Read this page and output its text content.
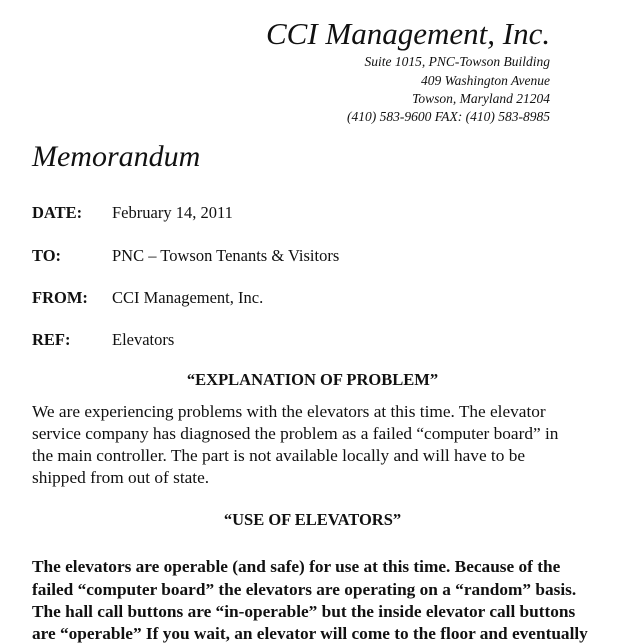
CCI Management, Inc.
Suite 1015, PNC-Towson Building
409 Washington Avenue
Towson, Maryland 21204
(410) 583-9600 FAX: (410) 583-8985
Memorandum
DATE: February 14, 2011
TO:	PNC – Towson Tenants & Visitors
FROM: CCI Management, Inc.
REF:	Elevators
“EXPLANATION OF PROBLEM”
We are experiencing problems with the elevators at this time. The elevator
service company has diagnosed the problem as a failed “computer board” in
the main controller. The part is not available locally and will have to be
shipped from out of state.
“USE OF ELEVATORS”
The elevators are operable (and safe) for use at this time. Because of the
failed “computer board” the elevators are operating on a “random” basis.
The hall call buttons are “in-operable” but the inside elevator call buttons
are “operable” If you wait, an elevator will come to the floor and eventually
